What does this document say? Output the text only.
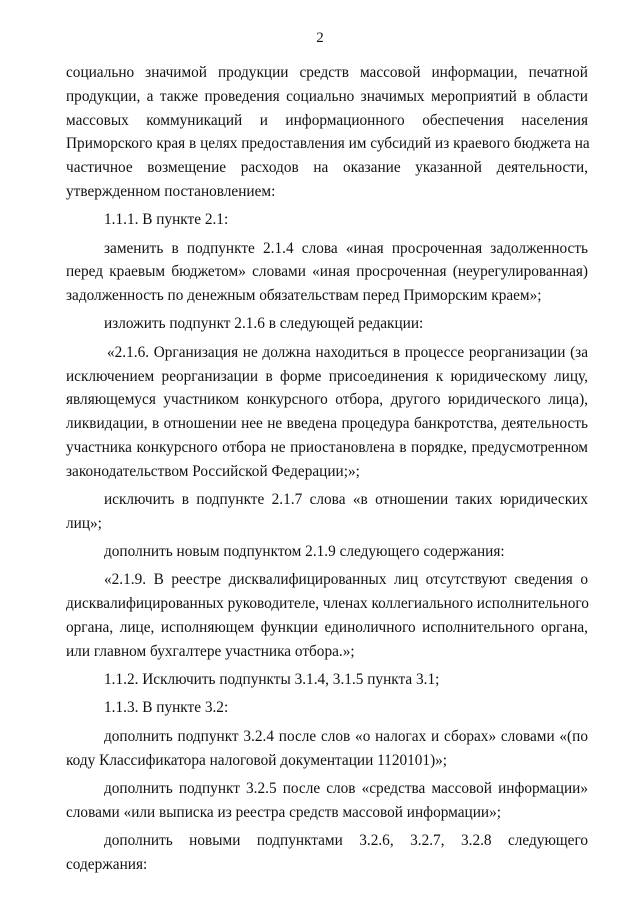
2
социально значимой продукции средств массовой информации, печатной
продукции, а также проведения социально значимых мероприятий в области
массовых коммуникаций и информационного обеспечения населения
Приморского края в целях предоставления им субсидий из краевого бюджета на
частичное возмещение расходов на оказание указанной деятельности,
утвержденном постановлением:
1.1.1. В пункте 2.1:
заменить в подпункте 2.1.4 слова «иная просроченная задолженность
перед краевым бюджетом» словами «иная просроченная (неурегулированная)
задолженность по денежным обязательствам перед Приморским краем»;
изложить подпункт 2.1.6 в следующей редакции:
«2.1.6. Организация не должна находиться в процессе реорганизации (за
исключением реорганизации в форме присоединения к юридическому лицу,
являющемуся участником конкурсного отбора, другого юридического лица),
ликвидации, в отношении нее не введена процедура банкротства, деятельность
участника конкурсного отбора не приостановлена в порядке, предусмотренном
законодательством Российской Федерации;»;
исключить в подпункте 2.1.7 слова «в отношении таких юридических
лиц»;
дополнить новым подпунктом 2.1.9 следующего содержания:
«2.1.9. В реестре дисквалифицированных лиц отсутствуют сведения о
дисквалифицированных руководителе, членах коллегиального исполнительного
органа, лице, исполняющем функции единоличного исполнительного органа,
или главном бухгалтере участника отбора.»;
1.1.2. Исключить подпункты 3.1.4, 3.1.5 пункта 3.1;
1.1.3. В пункте 3.2:
дополнить подпункт 3.2.4 после слов «о налогах и сборах» словами «(по
коду Классификатора налоговой документации 1120101)»;
дополнить подпункт 3.2.5 после слов «средства массовой информации»
словами «или выписка из реестра средств массовой информации»;
дополнить новыми подпунктами 3.2.6, 3.2.7, 3.2.8 следующего
содержания:
